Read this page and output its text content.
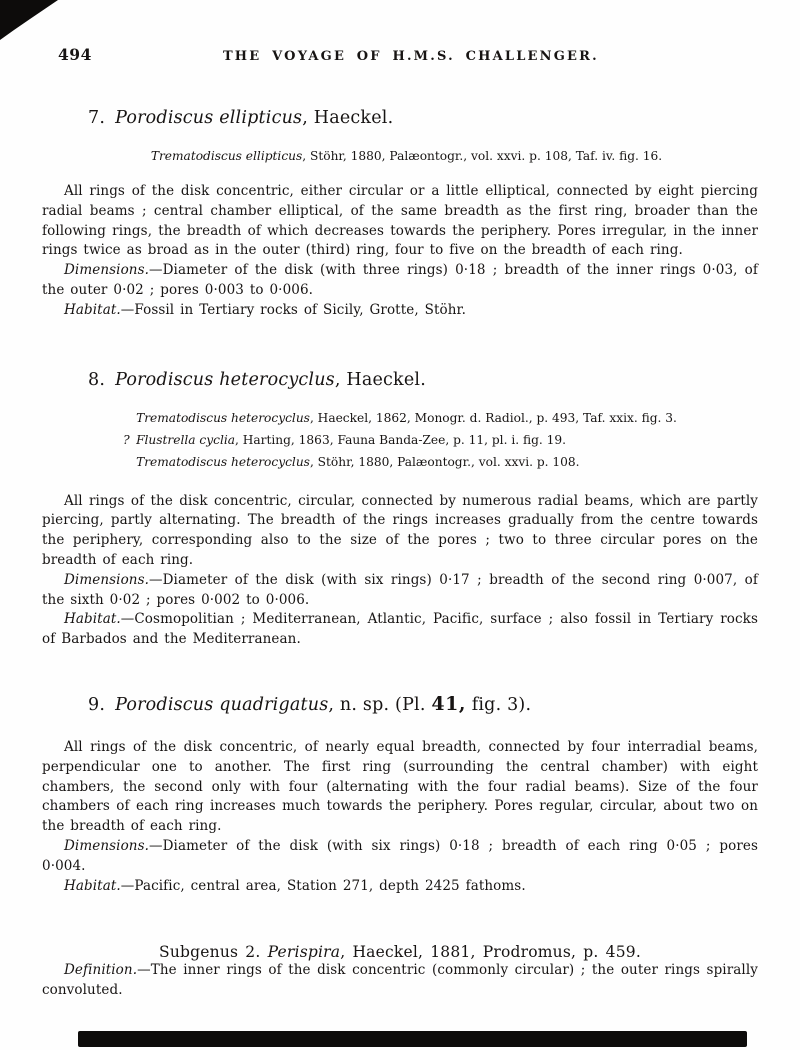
494	THE VOYAGE OF H.M.S. CHALLENGER.
7. Porodiscus ellipticus, Haeckel.
Trematodiscus ellipticus, Stöhr, 1880, Palæontogr., vol. xxvi. p. 108, Taf. iv. fig. 16.

All rings of the disk concentric, either circular or a little elliptical, connected by eight piercing radial beams ; central chamber elliptical, of the same breadth as the first ring, broader than the following rings, the breadth of which decreases towards the periphery. Pores irregular, in the inner rings twice as broad as in the outer (third) ring, four to five on the breadth of each ring.

Dimensions.—Diameter of the disk (with three rings) 0·18 ; breadth of the inner rings 0·03, of the outer 0·02 ; pores 0·003 to 0·006.

Habitat.—Fossil in Tertiary rocks of Sicily, Grotte, Stöhr.

8. Porodiscus heterocyclus, Haeckel.
Trematodiscus heterocyclus, Haeckel, 1862, Monogr. d. Radiol., p. 493, Taf. xxix. fig. 3.
?Flustrella cyclia, Harting, 1863, Fauna Banda-Zee, p. 11, pl. i. fig. 19.
Trematodiscus heterocyclus, Stöhr, 1880, Palæontogr., vol. xxvi. p. 108.

All rings of the disk concentric, circular, connected by numerous radial beams, which are partly piercing, partly alternating. The breadth of the rings increases gradually from the centre towards the periphery, corresponding also to the size of the pores ; two to three circular pores on the breadth of each ring.

Dimensions.—Diameter of the disk (with six rings) 0·17 ; breadth of the second ring 0·007, of the sixth 0·02 ; pores 0·002 to 0·006.

Habitat.—Cosmopolitian ; Mediterranean, Atlantic, Pacific, surface ; also fossil in Tertiary rocks of Barbados and the Mediterranean.

9. Porodiscus quadrigatus, n. sp. (Pl. 41, fig. 3).

All rings of the disk concentric, of nearly equal breadth, connected by four interradial beams, perpendicular one to another. The first ring (surrounding the central chamber) with eight chambers, the second only with four (alternating with the four radial beams). Size of the four chambers of each ring increases much towards the periphery. Pores regular, circular, about two on the breadth of each ring.

Dimensions.—Diameter of the disk (with six rings) 0·18 ; breadth of each ring 0·05 ; pores 0·004.

Habitat.—Pacific, central area, Station 271, depth 2425 fathoms.

Subgenus 2. Perispira, Haeckel, 1881, Prodromus, p. 459.

Definition.—The inner rings of the disk concentric (commonly circular) ; the outer rings spirally convoluted.
